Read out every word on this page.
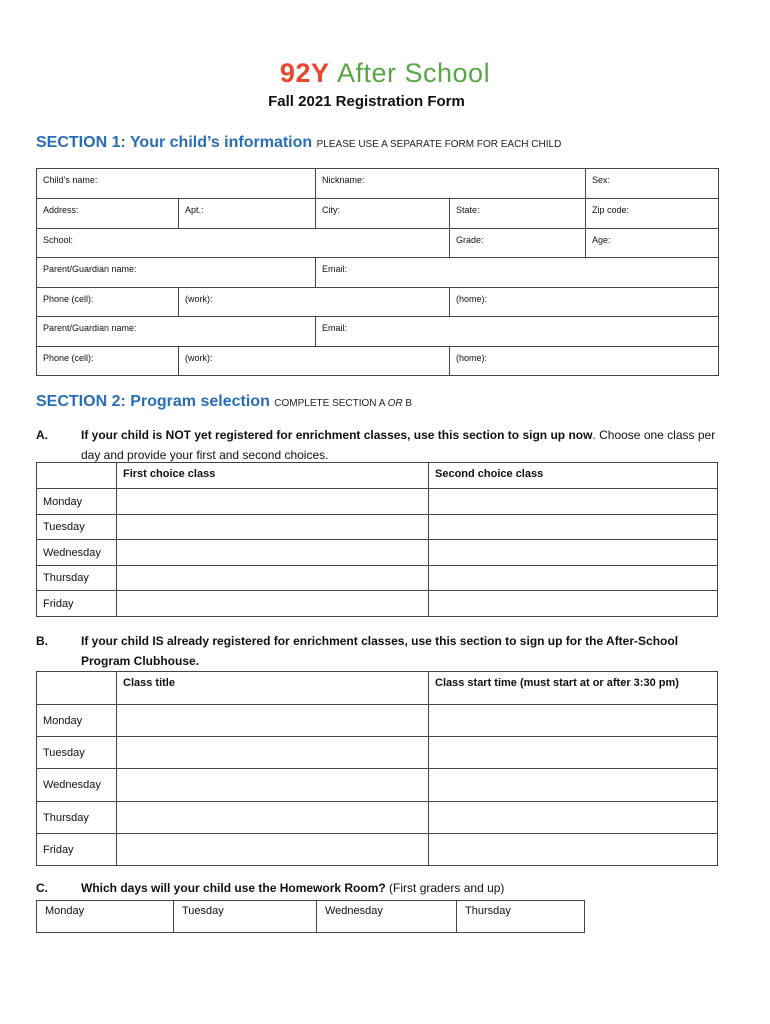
92Y After School
Fall 2021 Registration Form
SECTION 1: Your child’s information PLEASE USE A SEPARATE FORM FOR EACH CHILD
Child’s name:		Nickname:		Sex:
Address:	Apt.:	City:	State:	Zip code:
School:			Grade:	Age:
Parent/Guardian name:		Email:		
Phone (cell):	(work):		(home):	
Parent/Guardian name:		Email:		
Phone (cell):	(work):		(home):	
SECTION 2: Program selection COMPLETE SECTION A OR B
A.	If your child is NOT yet registered for enrichment classes, use this section to sign up now. Choose one class per day and provide your first and second choices.
	First choice class	Second choice class
Monday		
Tuesday		
Wednesday		
Thursday		
Friday		
B.	If your child IS already registered for enrichment classes, use this section to sign up for the After-School Program Clubhouse.
	Class title	Class start time (must start at or after 3:30 pm)
Monday		
Tuesday		
Wednesday		
Thursday		
Friday		
C.	Which days will your child use the Homework Room? (First graders and up)
Monday	Tuesday	Wednesday	Thursday
